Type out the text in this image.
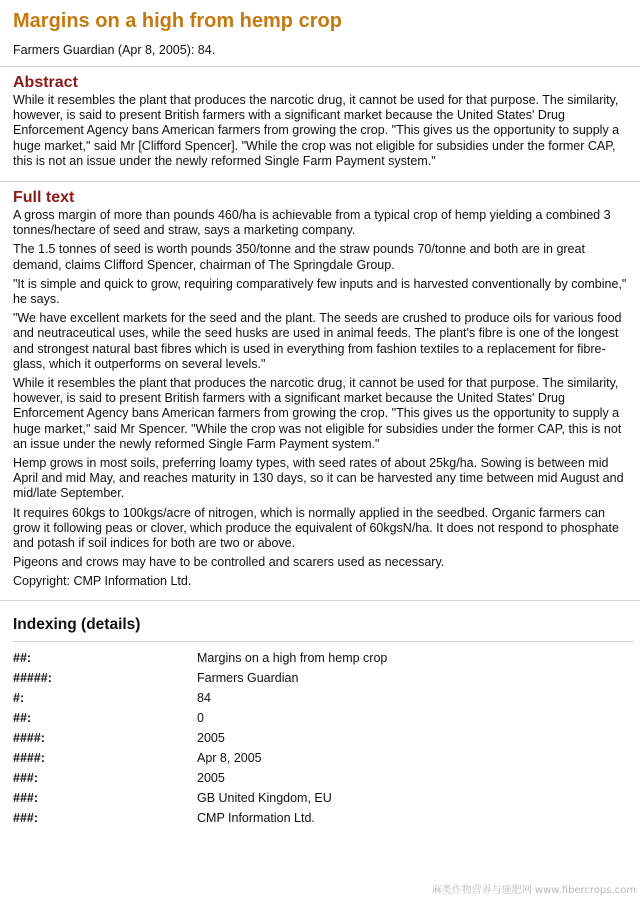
Margins on a high from hemp crop
Farmers Guardian (Apr 8, 2005): 84.
Abstract

While it resembles the plant that produces the narcotic drug, it cannot be used for that purpose. The similarity, however, is said to present British farmers with a significant market because the United States' Drug Enforcement Agency bans American farmers from growing the crop. "This gives us the opportunity to supply a huge market," said Mr [Clifford Spencer]. "While the crop was not eligible for subsidies under the former CAP, this is not an issue under the newly reformed Single Farm Payment system."

Full text

A gross margin of more than pounds 460/ha is achievable from a typical crop of hemp yielding a combined 3 tonnes/hectare of seed and straw, says a marketing company.

The 1.5 tonnes of seed is worth pounds 350/tonne and the straw pounds 70/tonne and both are in great demand, claims Clifford Spencer, chairman of The Springdale Group.

"It is simple and quick to grow, requiring comparatively few inputs and is harvested conventionally by combine," he says.

"We have excellent markets for the seed and the plant. The seeds are crushed to produce oils for various food and neutraceutical uses, while the seed husks are used in animal feeds. The plant's fibre is one of the longest and strongest natural bast fibres which is used in everything from fashion textiles to a replacement for fibre-glass, which it outperforms on several levels."

While it resembles the plant that produces the narcotic drug, it cannot be used for that purpose. The similarity, however, is said to present British farmers with a significant market because the United States' Drug Enforcement Agency bans American farmers from growing the crop. "This gives us the opportunity to supply a huge market," said Mr Spencer. "While the crop was not eligible for subsidies under the former CAP, this is not an issue under the newly reformed Single Farm Payment system."

Hemp grows in most soils, preferring loamy types, with seed rates of about 25kg/ha. Sowing is between mid April and mid May, and reaches maturity in 130 days, so it can be harvested any time between mid August and mid/late September.

It requires 60kgs to 100kgs/acre of nitrogen, which is normally applied in the seedbed. Organic farmers can grow it following peas or clover, which produce the equivalent of 60kgsN/ha. It does not respond to phosphate and potash if soil indices for both are two or above.

Pigeons and crows may have to be controlled and scarers used as necessary.

Copyright: CMP Information Ltd.

Indexing (details)
##:	Margins on a high from hemp crop
#####:	Farmers Guardian
#:	84
##:	0
####:	2005
####:	Apr 8, 2005
###:	2005
###:	GB United Kingdom, EU
###:	CMP Information Ltd.
麻类作物营养与施肥网 www.fibercrops.com
